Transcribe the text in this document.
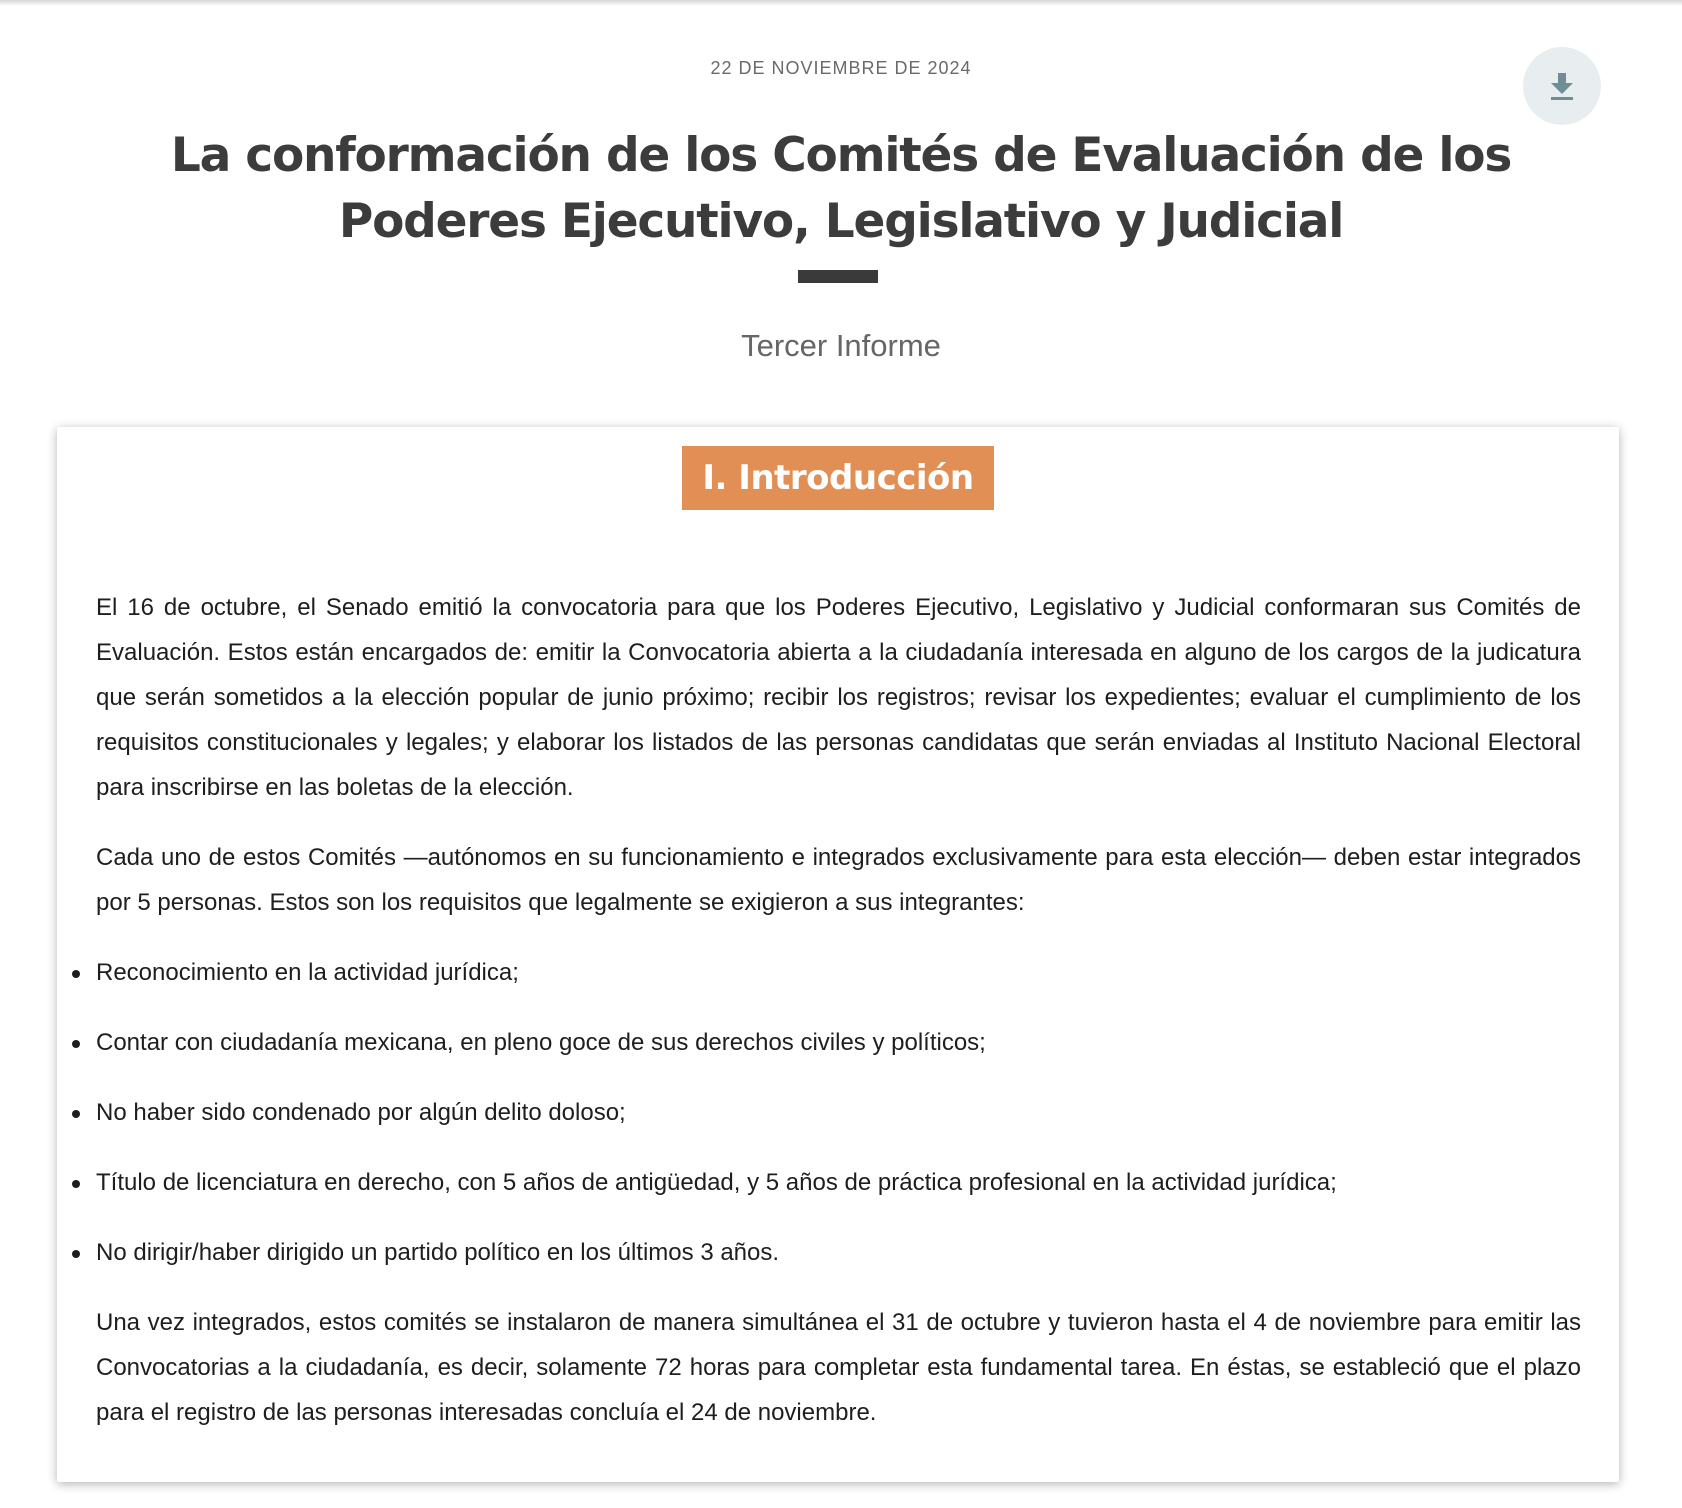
22 DE NOVIEMBRE DE 2024
La conformación de los Comités de Evaluación de los Poderes Ejecutivo, Legislativo y Judicial
Tercer Informe
I. Introducción

El 16 de octubre, el Senado emitió la convocatoria para que los Poderes Ejecutivo, Legislativo y Judicial conformaran sus Comités de Evaluación. Estos están encargados de: emitir la Convocatoria abierta a la ciudadanía interesada en alguno de los cargos de la judicatura que serán sometidos a la elección popular de junio próximo; recibir los registros; revisar los expedientes; evaluar el cumplimiento de los requisitos constitucionales y legales; y elaborar los listados de las personas candidatas que serán enviadas al Instituto Nacional Electoral para inscribirse en las boletas de la elección.

Cada uno de estos Comités —autónomos en su funcionamiento e integrados exclusivamente para esta elección— deben estar integrados por 5 personas. Estos son los requisitos que legalmente se exigieron a sus integrantes:

Reconocimiento en la actividad jurídica;
Contar con ciudadanía mexicana, en pleno goce de sus derechos civiles y políticos;
No haber sido condenado por algún delito doloso;
Título de licenciatura en derecho, con 5 años de antigüedad, y 5 años de práctica profesional en la actividad jurídica;
No dirigir/haber dirigido un partido político en los últimos 3 años.

Una vez integrados, estos comités se instalaron de manera simultánea el 31 de octubre y tuvieron hasta el 4 de noviembre para emitir las Convocatorias a la ciudadanía, es decir, solamente 72 horas para completar esta fundamental tarea. En éstas, se estableció que el plazo para el registro de las personas interesadas concluía el 24 de noviembre.
